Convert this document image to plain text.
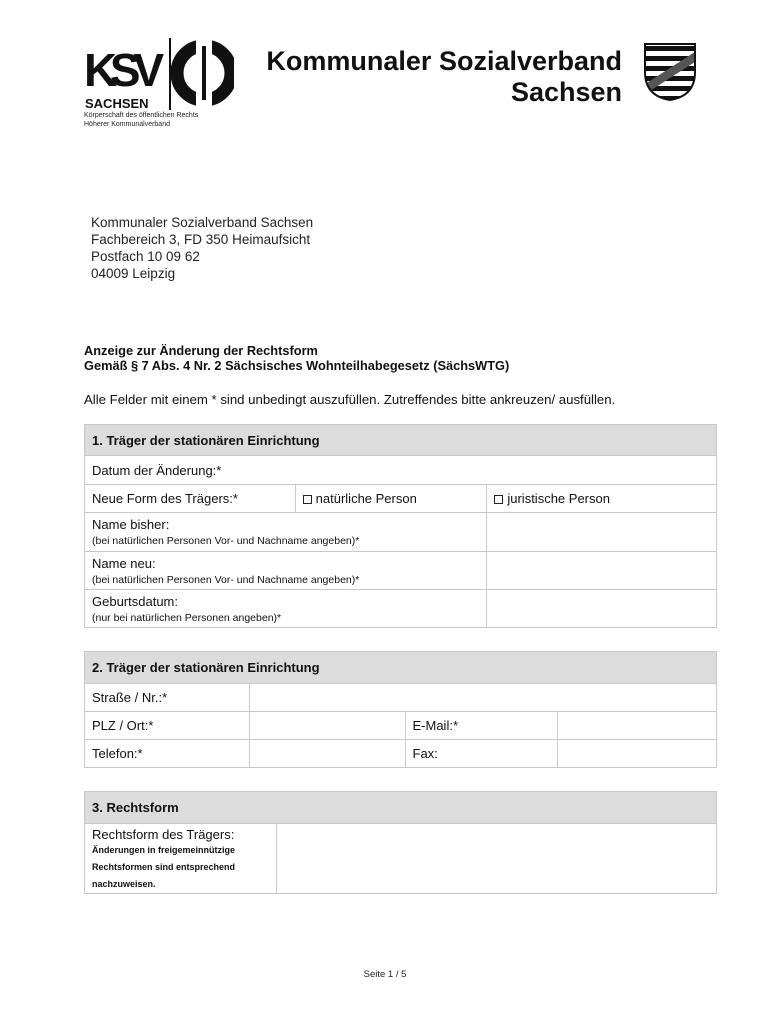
KSV
SACHSEN
Körperschaft des öffentlichen Rechts
Höherer Kommunalverband
Kommunaler Sozialverband
Sachsen
Kommunaler Sozialverband Sachsen
Fachbereich 3, FD 350 Heimaufsicht
Postfach 10 09 62
04009 Leipzig
Anzeige zur Änderung der Rechtsform
Gemäß § 7 Abs. 4 Nr. 2 Sächsisches Wohnteilhabegesetz (SächsWTG)
Alle Felder mit einem * sind unbedingt auszufüllen. Zutreffendes bitte ankreuzen/ ausfüllen.
1. Träger der stationären Einrichtung		
Datum der Änderung:*		
Neue Form des Trägers:*	natürliche Person	juristische Person
Name bisher:
(bei natürlichen Personen Vor- und Nachname angeben)*		

Name neu:
(bei natürlichen Personen Vor- und Nachname angeben)*		

Geburtsdatum:
(nur bei natürlichen Personen angeben)*		

2. Träger der stationären Einrichtung			
Straße / Nr.:*			
PLZ / Ort:*		E-Mail:*	
Telefon:*		Fax:	
3. Rechtsform
Rechtsform des Trägers:
Änderungen in freigemeinnützige
Rechtsformen sind entsprechend
nachzuweisen.

Seite 1 / 5
